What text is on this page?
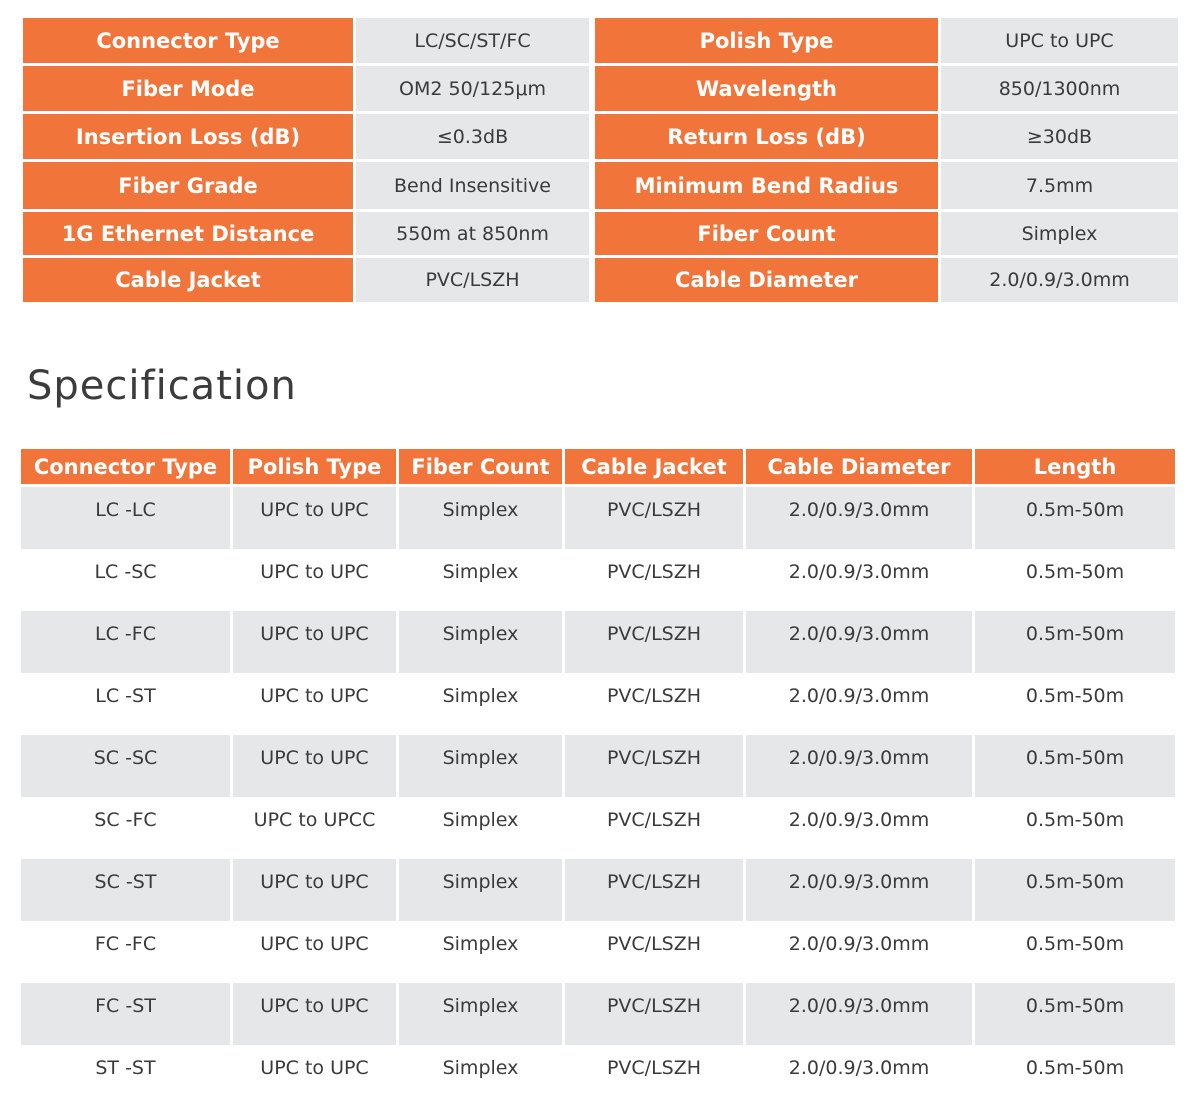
Connector Type	LC/SC/ST/FC		Polish Type	UPC to UPC
Fiber Mode	OM2 50/125μm		Wavelength	850/1300nm
Insertion Loss (dB)	≤0.3dB		Return Loss (dB)	≥30dB
Fiber Grade	Bend Insensitive		Minimum Bend Radius	7.5mm
1G Ethernet Distance	550m at 850nm		Fiber Count	Simplex
Cable Jacket	PVC/LSZH		Cable Diameter	2.0/0.9/3.0mm
Specification
Connector Type	Polish Type	Fiber Count	Cable Jacket	Cable Diameter	Length
LC -LC	UPC to UPC	Simplex	PVC/LSZH	2.0/0.9/3.0mm	0.5m-50m
LC -SC	UPC to UPC	Simplex	PVC/LSZH	2.0/0.9/3.0mm	0.5m-50m
LC -FC	UPC to UPC	Simplex	PVC/LSZH	2.0/0.9/3.0mm	0.5m-50m
LC -ST	UPC to UPC	Simplex	PVC/LSZH	2.0/0.9/3.0mm	0.5m-50m
SC -SC	UPC to UPC	Simplex	PVC/LSZH	2.0/0.9/3.0mm	0.5m-50m
SC -FC	UPC to UPCC	Simplex	PVC/LSZH	2.0/0.9/3.0mm	0.5m-50m
SC -ST	UPC to UPC	Simplex	PVC/LSZH	2.0/0.9/3.0mm	0.5m-50m
FC -FC	UPC to UPC	Simplex	PVC/LSZH	2.0/0.9/3.0mm	0.5m-50m
FC -ST	UPC to UPC	Simplex	PVC/LSZH	2.0/0.9/3.0mm	0.5m-50m
ST -ST	UPC to UPC	Simplex	PVC/LSZH	2.0/0.9/3.0mm	0.5m-50m
